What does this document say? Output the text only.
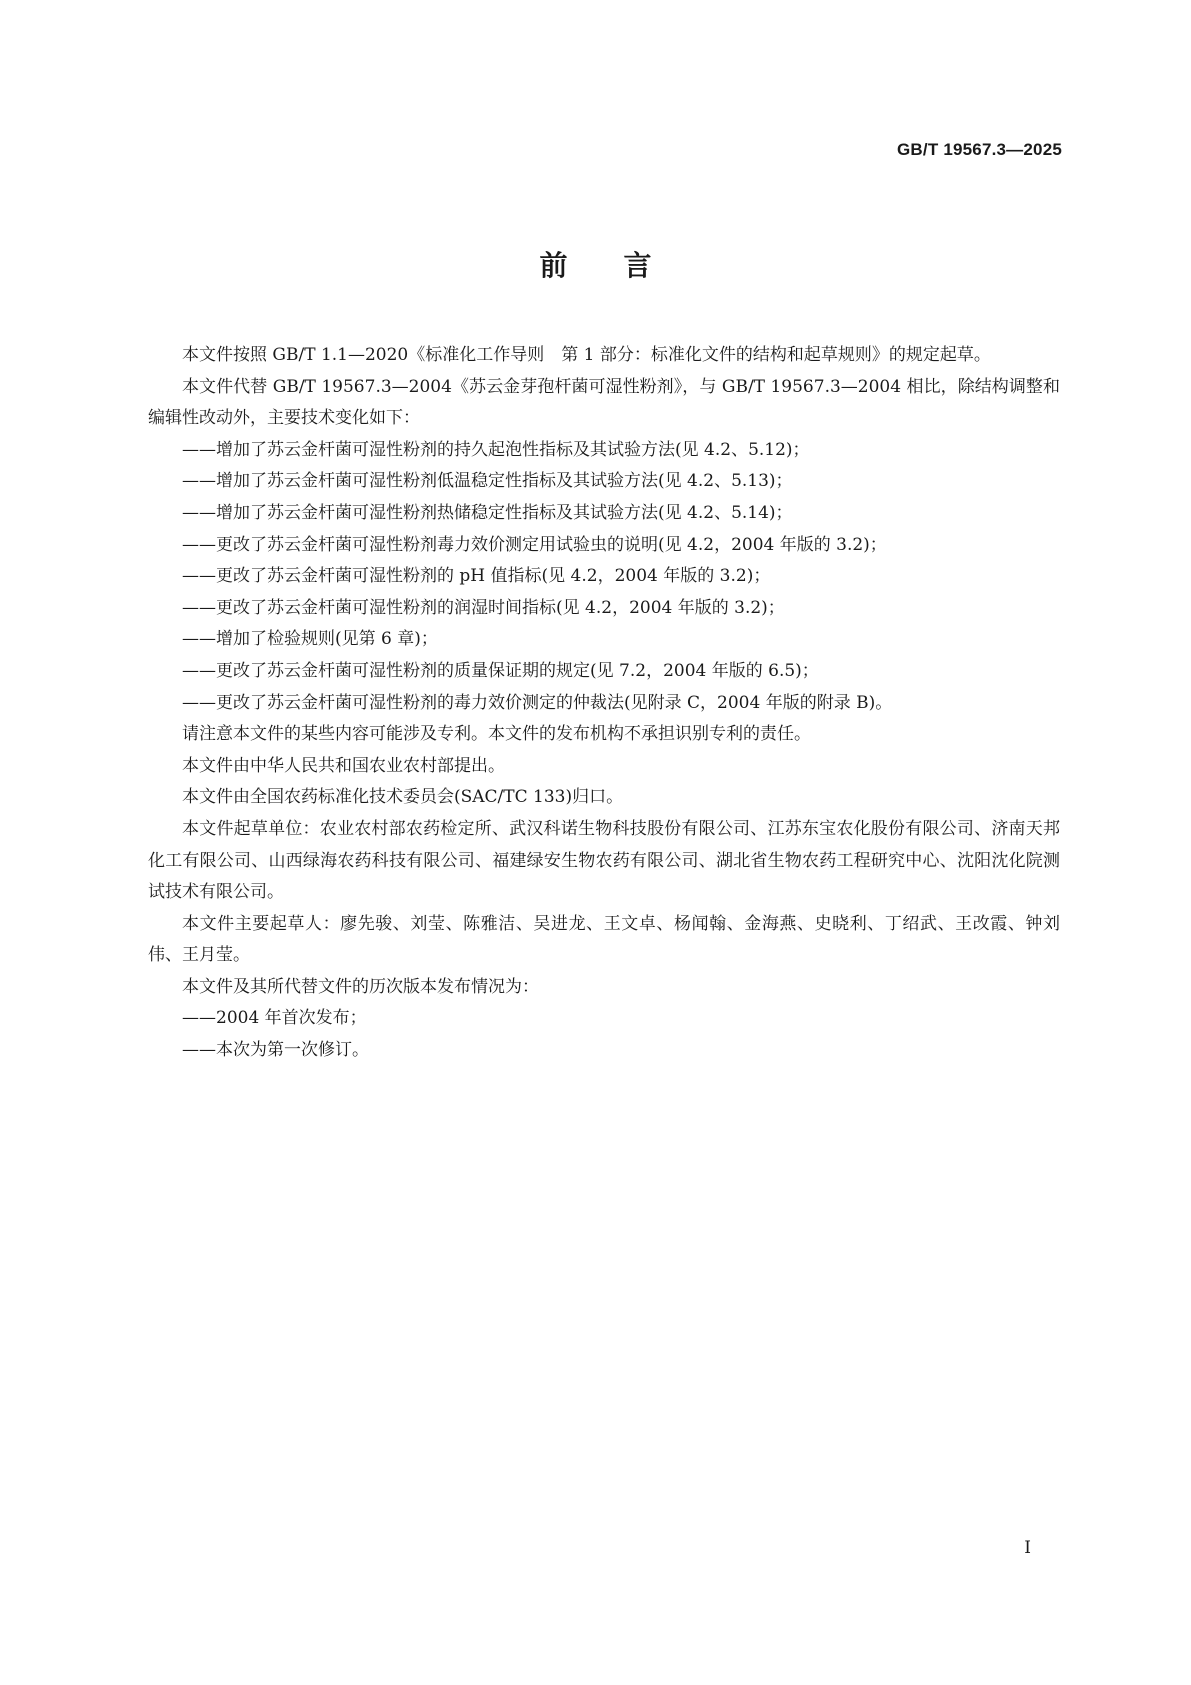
GB/T 19567.3—2025
前言

本文件按照 GB/T 1.1—2020《标准化工作导则　第 1 部分：标准化文件的结构和起草规则》的规定起草。

本文件代替 GB/T 19567.3—2004《苏云金芽孢杆菌可湿性粉剂》，与 GB/T 19567.3—2004 相比，除结构调整和编辑性改动外，主要技术变化如下：

——增加了苏云金杆菌可湿性粉剂的持久起泡性指标及其试验方法(见 4.2、5.12)；

——增加了苏云金杆菌可湿性粉剂低温稳定性指标及其试验方法(见 4.2、5.13)；

——增加了苏云金杆菌可湿性粉剂热储稳定性指标及其试验方法(见 4.2、5.14)；

——更改了苏云金杆菌可湿性粉剂毒力效价测定用试验虫的说明(见 4.2，2004 年版的 3.2)；

——更改了苏云金杆菌可湿性粉剂的 pH 值指标(见 4.2，2004 年版的 3.2)；

——更改了苏云金杆菌可湿性粉剂的润湿时间指标(见 4.2，2004 年版的 3.2)；

——增加了检验规则(见第 6 章)；

——更改了苏云金杆菌可湿性粉剂的质量保证期的规定(见 7.2，2004 年版的 6.5)；

——更改了苏云金杆菌可湿性粉剂的毒力效价测定的仲裁法(见附录 C，2004 年版的附录 B)。

请注意本文件的某些内容可能涉及专利。本文件的发布机构不承担识别专利的责任。

本文件由中华人民共和国农业农村部提出。

本文件由全国农药标准化技术委员会(SAC/TC 133)归口。

本文件起草单位：农业农村部农药检定所、武汉科诺生物科技股份有限公司、江苏东宝农化股份有限公司、济南天邦化工有限公司、山西绿海农药科技有限公司、福建绿安生物农药有限公司、湖北省生物农药工程研究中心、沈阳沈化院测试技术有限公司。

本文件主要起草人：廖先骏、刘莹、陈雅洁、吴进龙、王文卓、杨闻翰、金海燕、史晓利、丁绍武、王改霞、钟刘伟、王月莹。

本文件及其所代替文件的历次版本发布情况为：

——2004 年首次发布；

——本次为第一次修订。

I
